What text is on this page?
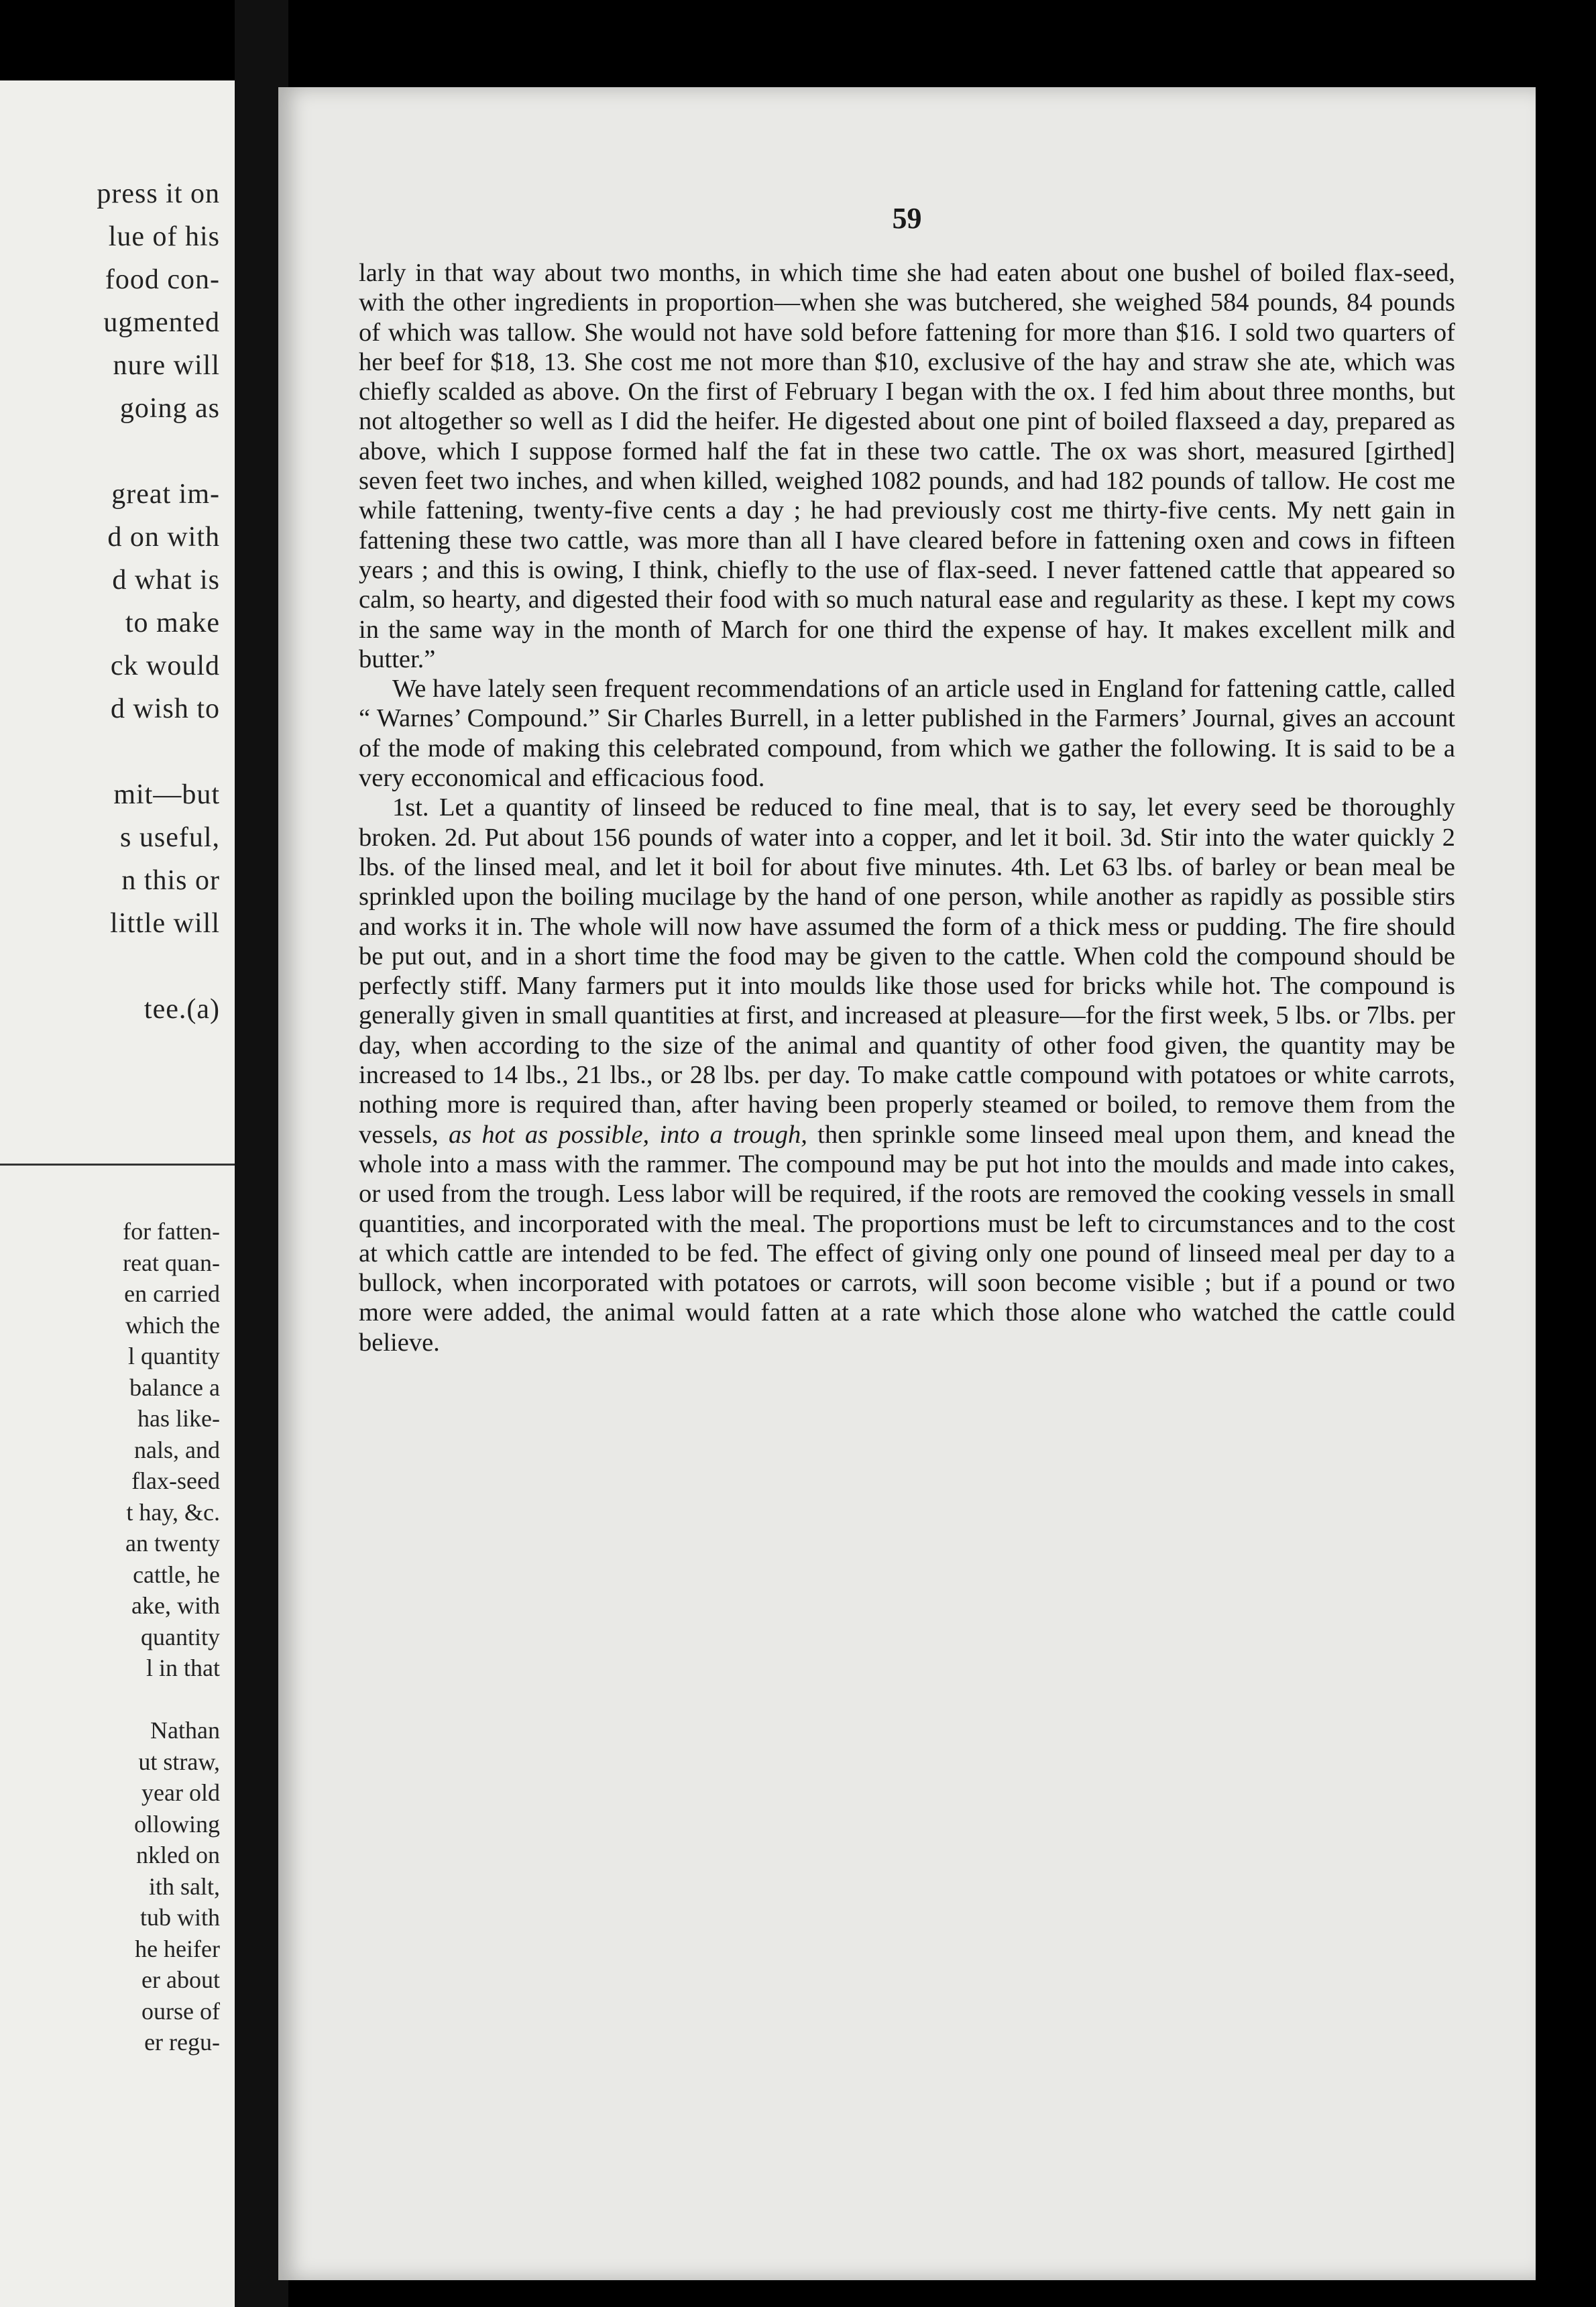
press it on
lue of his
food con-
ugmented
nure will
going as
great im-
d on with
d what is
to make
ck would
d wish to
mit—but
s useful,
n this or
little will
tee.(a)
for fatten-
reat quan-
en carried
which the
l quantity
balance a
has like-
nals, and
flax-seed
t hay, &c.
an twenty
cattle, he
ake, with
quantity
l in that
Nathan
ut straw,
year old
ollowing
nkled on
ith salt,
tub with
he heifer
er about
ourse of
er regu-
59

larly in that way about two months, in which time she had eaten about one bushel of boiled flax-seed, with the other ingredients in proportion—when she was butchered, she weighed 584 pounds, 84 pounds of which was tallow. She would not have sold before fattening for more than $16. I sold two quarters of her beef for $18, 13. She cost me not more than $10, exclusive of the hay and straw she ate, which was chiefly scalded as above. On the first of February I began with the ox. I fed him about three months, but not altogether so well as I did the heifer. He digested about one pint of boiled flaxseed a day, prepared as above, which I suppose formed half the fat in these two cattle. The ox was short, measured [girthed] seven feet two inches, and when killed, weighed 1082 pounds, and had 182 pounds of tallow. He cost me while fattening, twenty-five cents a day ; he had previously cost me thirty-five cents. My nett gain in fattening these two cattle, was more than all I have cleared before in fattening oxen and cows in fifteen years ; and this is owing, I think, chiefly to the use of flax-seed. I never fattened cattle that appeared so calm, so hearty, and digested their food with so much natural ease and regularity as these. I kept my cows in the same way in the month of March for one third the expense of hay. It makes excellent milk and butter.”

We have lately seen frequent recommendations of an article used in England for fattening cattle, called “ Warnes’ Compound.” Sir Charles Burrell, in a letter published in the Farmers’ Journal, gives an account of the mode of making this celebrated compound, from which we gather the following. It is said to be a very ecconomical and efficacious food.

1st. Let a quantity of linseed be reduced to fine meal, that is to say, let every seed be thoroughly broken. 2d. Put about 156 pounds of water into a copper, and let it boil. 3d. Stir into the water quickly 2 lbs. of the linsed meal, and let it boil for about five minutes. 4th. Let 63 lbs. of barley or bean meal be sprinkled upon the boiling mucilage by the hand of one person, while another as rapidly as possible stirs and works it in. The whole will now have assumed the form of a thick mess or pudding. The fire should be put out, and in a short time the food may be given to the cattle. When cold the compound should be perfectly stiff. Many farmers put it into moulds like those used for bricks while hot. The compound is generally given in small quantities at first, and increased at pleasure—for the first week, 5 lbs. or 7lbs. per day, when according to the size of the animal and quantity of other food given, the quantity may be increased to 14 lbs., 21 lbs., or 28 lbs. per day. To make cattle compound with potatoes or white carrots, nothing more is required than, after having been properly steamed or boiled, to remove them from the vessels, as hot as possible, into a trough, then sprinkle some linseed meal upon them, and knead the whole into a mass with the rammer. The compound may be put hot into the moulds and made into cakes, or used from the trough. Less labor will be required, if the roots are removed the cooking vessels in small quantities, and incorporated with the meal. The proportions must be left to circumstances and to the cost at which cattle are intended to be fed. The effect of giving only one pound of linseed meal per day to a bullock, when incorporated with potatoes or carrots, will soon become visible ; but if a pound or two more were added, the animal would fatten at a rate which those alone who watched the cattle could believe.
